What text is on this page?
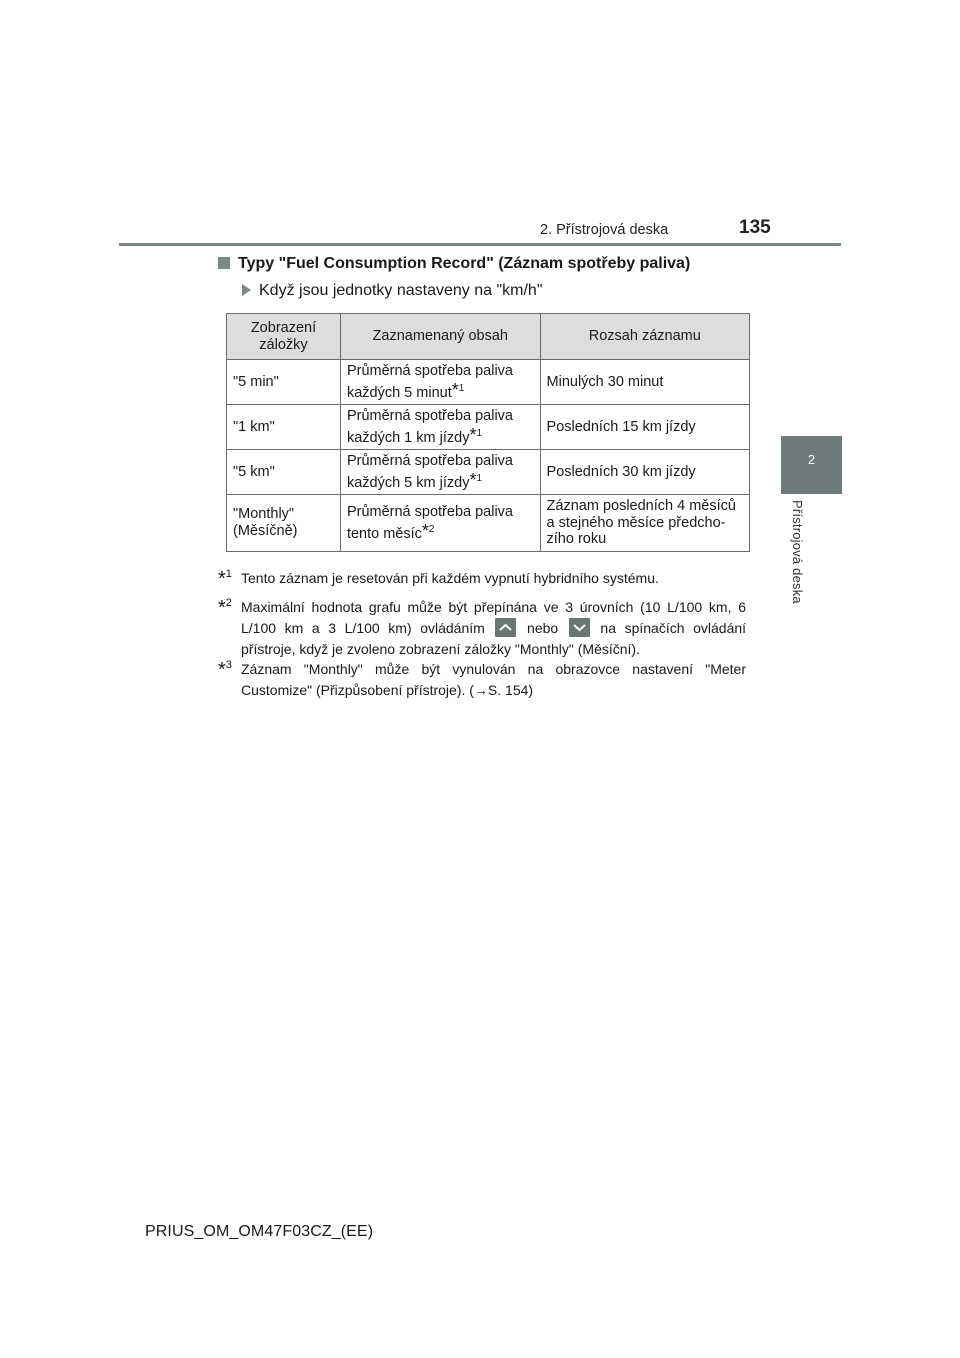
2. Přístrojová deska	135
2
Přístrojová deska
Typy "Fuel Consumption Record" (Záznam spotřeby paliva)
Když jsou jednotky nastaveny na "km/h"
Zobrazení záložky	Zaznamenaný obsah	Rozsah záznamu
"5 min"	Průměrná spotřeba paliva každých 5 minut$^{*1}$	Minulých 30 minut
"1 km"	Průměrná spotřeba paliva každých 1 km jízdy$^{*1}$	Posledních 15 km jízdy
"5 km"	Průměrná spotřeba paliva každých 5 km jízdy$^{*1}$	Posledních 30 km jízdy
"Monthly" (Měsíčně)	Průměrná spotřeba paliva tento měsíc$^{*2}$	Záznam posledních 4 měsíců a stejného měsíce předcho-zího roku
*$^1$ Tento záznam je resetován při každém vypnutí hybridního systému.
*$^2$ Maximální hodnota grafu může být přepínána ve 3 úrovních (10 L/100 km, 6 L/100 km a 3 L/100 km) ovládáním	nebo	na spínačích ovládání přístroje, když je zvoleno zobrazení záložky "Monthly" (Měsíční).
*$^3$ Záznam "Monthly" může být vynulován na obrazovce nastavení "Meter Customize" (Přizpůsobení přístroje). (→S. 154)
PRIUS_OM_OM47F03CZ_(EE)
